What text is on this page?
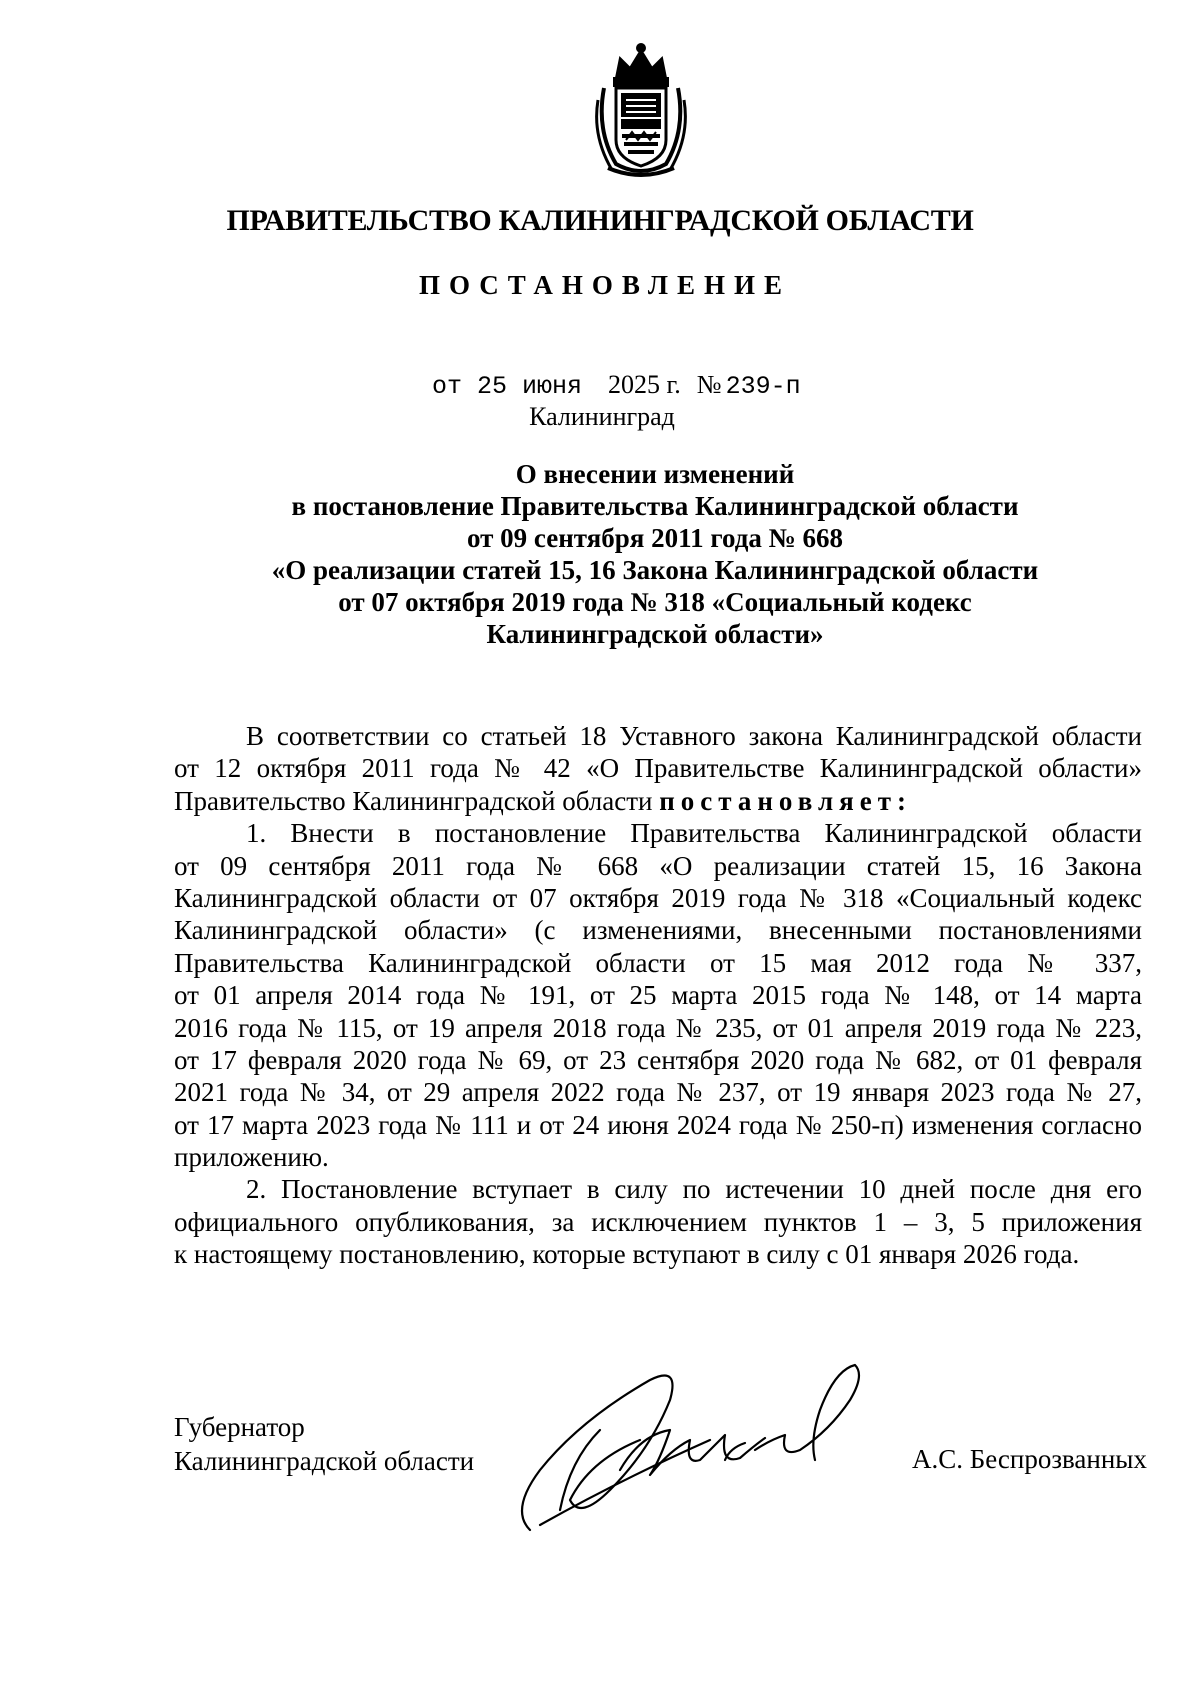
ПРАВИТЕЛЬСТВО КАЛИНИНГРАДСКОЙ ОБЛАСТИ
ПОСТАНОВЛЕНИЕ
от 25 июня 2025 г. № 239-п
Калининград
О внесении изменений
в постановление Правительства Калининградской области
от 09 сентября 2011 года № 668
«О реализации статей 15, 16 Закона Калининградской области
от 07 октября 2019 года № 318 «Социальный кодекс
Калининградской области»
В соответствии со статьей 18 Уставного закона Калининградской области
от 12 октября 2011 года № 42 «О Правительстве Калининградской области»
Правительство Калининградской области постановляет:
1. Внести в постановление Правительства Калининградской области
от 09 сентября 2011 года № 668 «О реализации статей 15, 16 Закона
Калининградской области от 07 октября 2019 года № 318 «Социальный кодекс
Калининградской области» (с изменениями, внесенными постановлениями
Правительства Калининградской области от 15 мая 2012 года № 337,
от 01 апреля 2014 года № 191, от 25 марта 2015 года № 148, от 14 марта
2016 года № 115, от 19 апреля 2018 года № 235, от 01 апреля 2019 года № 223,
от 17 февраля 2020 года № 69, от 23 сентября 2020 года № 682, от 01 февраля
2021 года № 34, от 29 апреля 2022 года № 237, от 19 января 2023 года № 27,
от 17 марта 2023 года № 111 и от 24 июня 2024 года № 250-п) изменения согласно
приложению.
2. Постановление вступает в силу по истечении 10 дней после дня его
официального опубликования, за исключением пунктов 1 – 3, 5 приложения
к настоящему постановлению, которые вступают в силу с 01 января 2026 года.
Губернатор
Калининградской области	А.С. Беспрозванных
